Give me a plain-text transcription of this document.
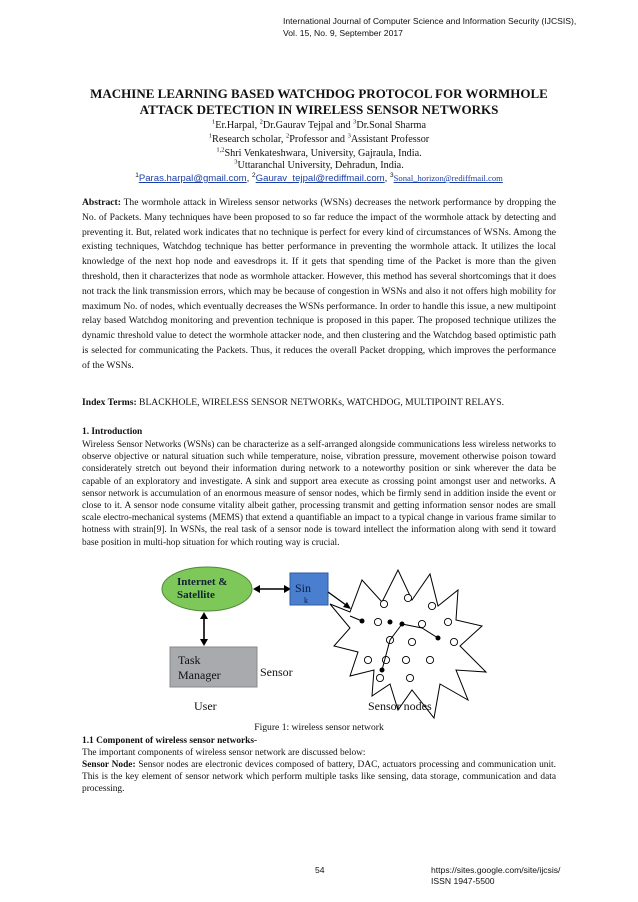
International Journal of Computer Science and Information Security (IJCSIS),
Vol. 15, No. 9, September 2017
MACHINE LEARNING BASED WATCHDOG PROTOCOL FOR WORMHOLE
ATTACK DETECTION IN WIRELESS SENSOR NETWORKS
$^1$Er.Harpal, $^2$Dr.Gaurav Tejpal and $^3$Dr.Sonal Sharma
$^1$Research scholar, $^2$Professor and $^3$Assistant Professor
$^{1,2}$Shri Venkateshwara, University, Gajraula, India.
$^3$Uttaranchal University, Dehradun, India.
$^1$Paras.harpal@gmail.com, $^2$Gaurav_tejpal@rediffmail.com, $^3$Sonal_horizon@rediffmail.com
Abstract: The wormhole attack in Wireless sensor networks (WSNs) decreases the network performance by dropping the No. of Packets. Many techniques have been proposed to so far reduce the impact of the wormhole attack by detecting and preventing it. But, related work indicates that no technique is perfect for every kind of circumstances of WSNs. Among the existing techniques, Watchdog technique has better performance in preventing the wormhole attack. It utilizes the local knowledge of the next hop node and eavesdrops it. If it gets that spending time of the Packet is more than the given threshold, then it characterizes that node as wormhole attacker. However, this method has several shortcomings that it does not track the link transmission errors, which may be because of congestion in WSNs and also it not offers high mobility for maximum No. of nodes, which eventually decreases the WSNs performance. In order to handle this issue, a new multipoint relay based Watchdog monitoring and prevention technique is proposed in this paper. The proposed technique utilizes the dynamic threshold value to detect the wormhole attacker node, and then clustering and the Watchdog based optimistic path is selected for communicating the Packets. Thus, it reduces the overall Packet dropping, which improves the performance of the WSNs.
Index Terms: BLACKHOLE, WIRELESS SENSOR NETWORKs, WATCHDOG, MULTIPOINT RELAYS.
1. Introduction
Wireless Sensor Networks (WSNs) can be characterize as a self-arranged alongside communications less wireless networks to observe objective or natural situation such while temperature, noise, vibration pressure, movement otherwise poison toward considerately stretch out beyond their information during network to a noteworthy position or sink wherever the data be capable of an exploratory and investigate. A sink and support area execute as crossing point amongst user and networks. A sensor network is accumulation of an enormous measure of sensor nodes, which be firmly send in addition inside the event or close to it. A sensor node consume vitality albeit gather, processing transmit and getting information sensor nodes are small scale electro-mechanical systems (MEMS) that extend a quantifiable an impact to a typical change in various frame similar to hotness with strain[9]. In WSNs, the real task of a sensor node is toward intellect the information along with send it toward base position in multi-hop situation for which routing way is crucial.
Internet &
Satellite	Sin
k
Task
Manager	Sensor
User	Sensor nodes
Figure 1: wireless sensor network
1.1 Component of wireless sensor networks-
The important components of wireless sensor network are discussed below:
Sensor Node: Sensor nodes are electronic devices composed of battery, DAC, actuators processing and communication unit. This is the key element of sensor network which perform multiple tasks like sensing, data storage, communication and data processing.
54	https://sites.google.com/site/ijcsis/
ISSN 1947-5500
